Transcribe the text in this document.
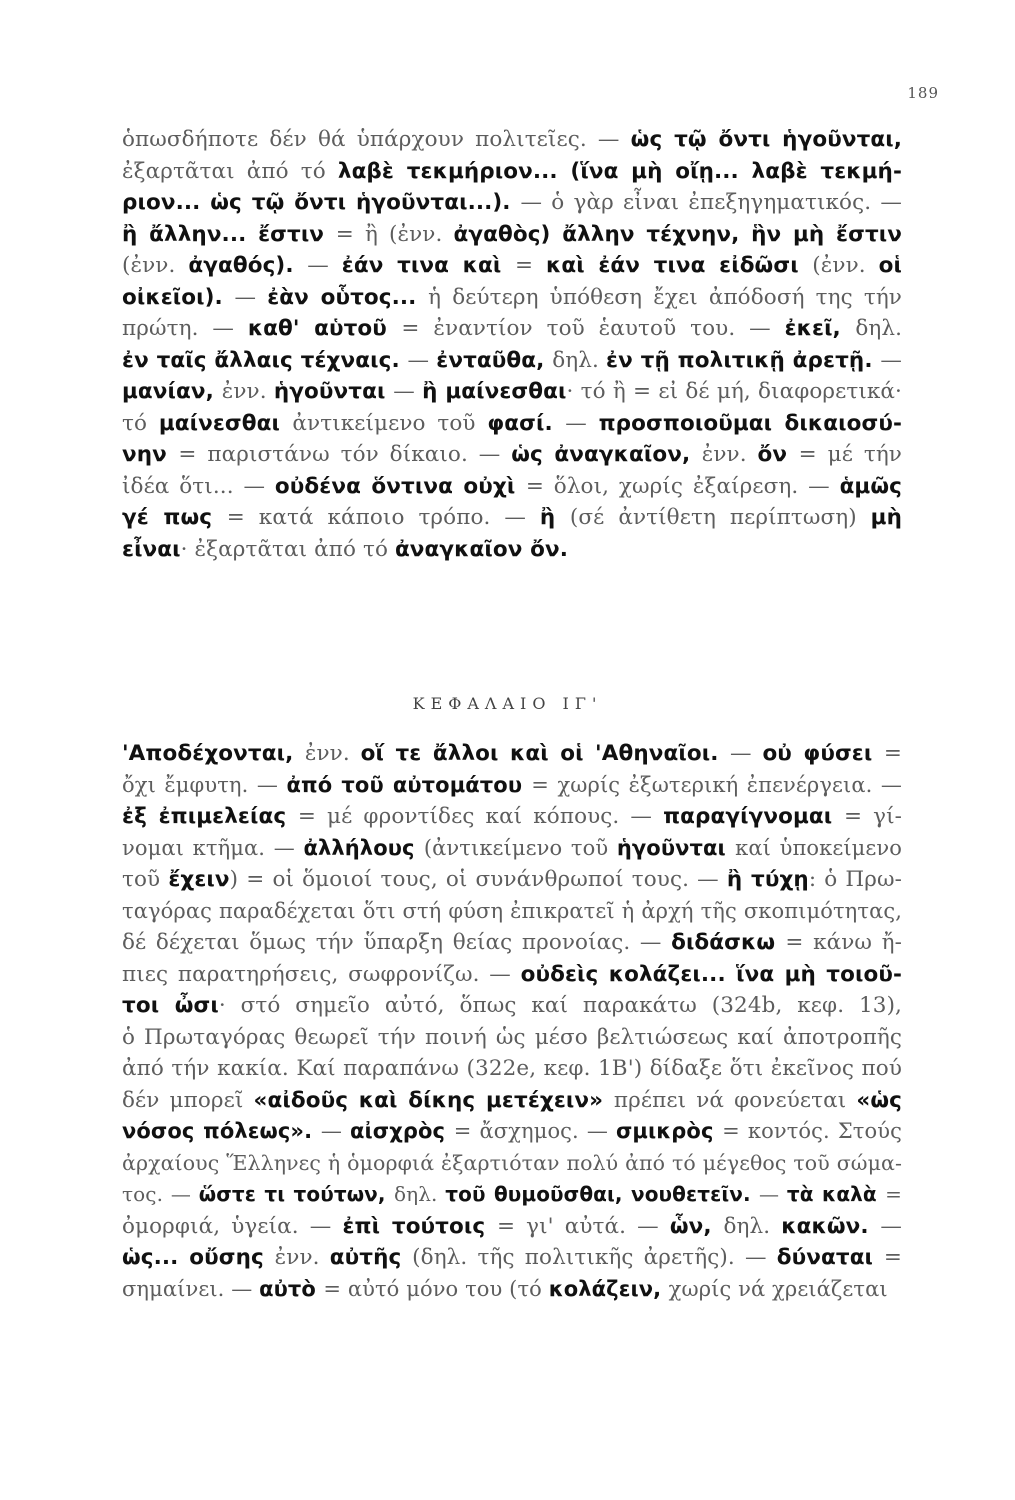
189
ὁπωσδήποτε δέν θά ὑπάρχουν πολιτεῖες. — ὡς τῷ ὄντι ἡγοῦνται,
ἐξαρτᾶται ἀπό τό λαβὲ τεκμήριον... (ἵνα μὴ οἴῃ... λαβὲ τεκμή-
ριον... ὡς τῷ ὄντι ἡγοῦνται...). — ὁ γὰρ εἶναι ἐπεξηγηματικός. —
ἢ ἄλλην... ἔστιν = ἢ (ἐνν. ἀγαθὸς) ἄλλην τέχνην, ἣν μὴ ἔστιν
(ἐνν. ἀγαθός). — ἐάν τινα καὶ = καὶ ἐάν τινα εἰδῶσι (ἐνν. οἱ
οἰκεῖοι). — ἐὰν οὗτος... ἡ δεύτερη ὑπόθεση ἔχει ἀπόδοσή της τήν
πρώτη. — καθ' αὑτοῦ = ἐναντίον τοῦ ἑαυτοῦ του. — ἐκεῖ, δηλ.
ἐν ταῖς ἄλλαις τέχναις. — ἐνταῦθα, δηλ. ἐν τῇ πολιτικῇ ἀρετῇ. —
μανίαν, ἐνν. ἡγοῦνται — ἢ μαίνεσθαι· τό ἢ = εἰ δέ μή, διαφορετικά·
τό μαίνεσθαι ἀντικείμενο τοῦ φασί. — προσποιοῦμαι δικαιοσύ-
νην = παριστάνω τόν δίκαιο. — ὡς ἀναγκαῖον, ἐνν. ὄν = μέ τήν
ἰδέα ὅτι... — οὐδένα ὅντινα οὐχὶ = ὅλοι, χωρίς ἐξαίρεση. — ἁμῶς
γέ πως = κατά κάποιο τρόπο. — ἢ (σέ ἀντίθετη περίπτωση) μὴ
εἶναι· ἐξαρτᾶται ἀπό τό ἀναγκαῖον ὄν.
ΚΕΦΑΛΑΙΟ ΙΓ'
'Αποδέχονται, ἐνν. οἵ τε ἄλλοι καὶ οἱ 'Αθηναῖοι. — οὐ φύσει =
ὄχι ἔμφυτη. — ἀπό τοῦ αὐτομάτου = χωρίς ἐξωτερική ἐπενέργεια. —
ἐξ ἐπιμελείας = μέ φροντίδες καί κόπους. — παραγίγνομαι = γί-
νομαι κτῆμα. — ἀλλήλους (ἀντικείμενο τοῦ ἡγοῦνται καί ὑποκείμενο
τοῦ ἔχειν) = οἱ ὅμοιοί τους, οἱ συνάνθρωποί τους. — ἢ τύχῃ: ὁ Πρω-
ταγόρας παραδέχεται ὅτι στή φύση ἐπικρατεῖ ἡ ἀρχή τῆς σκοπιμότητας,
δέ δέχεται ὅμως τήν ὕπαρξη θείας προνοίας. — διδάσκω = κάνω ἤ-
πιες παρατηρήσεις, σωφρονίζω. — οὐδεὶς κολάζει... ἵνα μὴ τοιοῦ-
τοι ὦσι· στό σημεῖο αὐτό, ὅπως καί παρακάτω (324b, κεφ. 13),
ὁ Πρωταγόρας θεωρεῖ τήν ποινή ὡς μέσο βελτιώσεως καί ἀποτροπῆς
ἀπό τήν κακία. Καί παραπάνω (322e, κεφ. 1Β') δίδαξε ὅτι ἐκεῖνος πού
δέν μπορεῖ «αἰδοῦς καὶ δίκης μετέχειν» πρέπει νά φονεύεται «ὡς
νόσος πόλεως». — αἰσχρὸς = ἄσχημος. — σμικρὸς = κοντός. Στούς
ἀρχαίους Ἕλληνες ἡ ὁμορφιά ἐξαρτιόταν πολύ ἀπό τό μέγεθος τοῦ σώμα-
τος. — ὥστε τι τούτων, δηλ. τοῦ θυμοῦσθαι, νουθετεῖν. — τὰ καλὰ =
ὀμορφιά, ὑγεία. — ἐπὶ τούτοις = γι' αὐτά. — ὧν, δηλ. κακῶν. —
ὡς... οὔσης ἐνν. αὐτῆς (δηλ. τῆς πολιτικῆς ἀρετῆς). — δύναται =
σημαίνει. — αὐτὸ = αὐτό μόνο του (τό κολάζειν, χωρίς νά χρειάζεται
